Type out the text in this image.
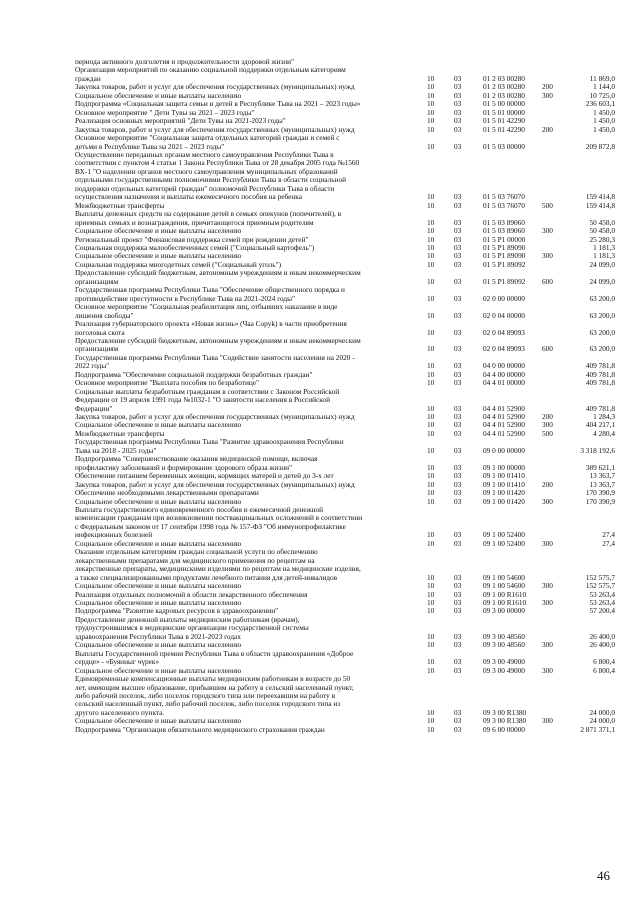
периода активного долголетия и продолжительности здоровой жизни"
Организация мероприятий по оказанию социальной поддержки отдельным категориям
граждан	10	03	01 2 03 00280	11 869,0
Закупка товаров, работ и услуг для обеспечения государственных (муниципальных) нужд	10	03	01 2 03 00280 200	1 144,0
Социальное обеспечение и иные выплаты населению	10	03	01 2 03 00280 300	10 725,0
Подпрограмма «Социальная защита семьи и детей в Республике Тыва на 2021 – 2023 годы»	10	03	01 5 00 00000	236 603,1
Основное мероприятие " Дети Тувы на 2021 – 2023 годы"	10	03	01 5 01 00000	1 450,0
Реализация основных мероприятий "Дети Тувы на 2021-2023 годы"	10	03	01 5 01 42290	1 450,0
Закупка товаров, работ и услуг для обеспечения государственных (муниципальных) нужд	10	03	01 5 01 42290 200	1 450,0
Основное мероприятие "Социальная защита отдельных категорий граждан и семей с
детьми в Республике Тыва на 2021 – 2023 годы"	10	03	01 5 03 00000	209 872,8
Осуществление переданных органам местного самоуправления Республики Тыва в
соответствии с пунктом 4 статьи 1 Закона Республики Тыва от 28 декабря 2005 года №1560
ВХ-1 "О наделении органов местного самоуправления муниципальных образований
отдельными государственными полномочиями Республики Тыва в области социальной
поддержки отдельных категорий граждан" полномочий Республики Тыва в области
осуществления назначения и выплаты ежемесячного пособия на ребенка	10	03	01 5 03 76070	159 414,8
Межбюджетные трансферты	10	03	01 5 03 76070 500	159 414,8
Выплаты денежных средств на содержание детей в семьях опекунов (попечителей), в
приемных семьях и вознаграждения, причитающегося приемным родителям	10	03	01 5 03 89060	50 458,0
Социальное обеспечение и иные выплаты населению	10	03	01 5 03 89060 300	50 458,0
Региональный проект "Финансовая поддержка семей при рождении детей"	10	03	01 5 P1 00000	25 280,3
Социальная поддержка малообеспеченных семей ("Социальный картофель")	10	03	01 5 P1 89090	1 181,3
Социальное обеспечение и иные выплаты населению	10	03	01 5 P1 89090 300	1 181,3
Социальная поддержка многодетных семей ("Социальный уголь")	10	03	01 5 P1 89092	24 099,0
Предоставление субсидий бюджетным, автономным учреждениям и иным некоммерческим
организациям	10	03	01 5 P1 89092 600	24 099,0
Государственная программа Республики Тыва "Обеспечение общественного порядка и
противодействие преступности в Республике Тыва на 2021-2024 годы"	10	03	02 0 00 00000	63 200,0
Основное мероприятие "Социальная реабилитация лиц, отбывших наказание в виде
лишения свободы"	10	03	02 0 04 00000	63 200,0
Реализация губернаторского проекта «Новая жизнь» (Чаа Соруk) в части приобретения
поголовья скота	10	03	02 0 04 89093	63 200,0
Предоставление субсидий бюджетным, автономным учреждениям и иным некоммерческим
организациям	10	03	02 0 04 89093 600	63 200,0
Государственная программа Республики Тыва "Содействие занятости населения на 2020 -
2022 годы"	10	03	04 0 00 00000	409 781,8
Подпрограмма "Обеспечение социальной поддержки безработных граждан"	10	03	04 4 00 00000	409 781,8
Основное мероприятие "Выплата пособия по безработице"	10	03	04 4 01 00000	409 781,8
Социальные выплаты безработным гражданам в соответствии с Законом Российской
Федерации от 19 апреля 1991 года №1032-1 "О занятости населения в Российской
Федерации"	10	03	04 4 01 52900	409 781,8
Закупка товаров, работ и услуг для обеспечения государственных (муниципальных) нужд	10	03	04 4 01 52900 200	1 284,3
Социальное обеспечение и иные выплаты населению	10	03	04 4 01 52900 300	404 217,1
Межбюджетные трансферты	10	03	04 4 01 52900 500	4 280,4
Государственная программа Республики Тыва "Развитие здравоохранения Республики
Тыва на 2018 - 2025 годы"	10	03	09 0 00 00000	3 318 192,6
Подпрограмма "Совершенствование оказания медицинской помощи, включая
профилактику заболеваний и формирование здорового образа жизни"	10	03	09 1 00 00000	389 621,1
Обеспечение питанием беременных женщин, кормящих матерей и детей до 3-х лет	10	03	09 1 00 01410	13 363,7
Закупка товаров, работ и услуг для обеспечения государственных (муниципальных) нужд	10	03	09 1 00 01410 200	13 363,7
Обеспечение необходимыми лекарственными препаратами	10	03	09 1 00 01420	170 390,9
Социальное обеспечение и иные выплаты населению	10	03	09 1 00 01420 300	170 390,9
Выплата государственного единовременного пособия и ежемесячной денежной
компенсации гражданам при возникновении поствакцинальных осложнений в соответствии
с Федеральным законом от 17 сентября 1998 года № 157-ФЗ "Об иммунопрофилактике
инфекционных болезней	10	03	09 1 00 52400	27,4
Социальное обеспечение и иные выплаты населению	10	03	09 1 00 52400 300	27,4
Оказание отдельным категориям граждан социальной услуги по обеспечению
лекарственными препаратами для медицинского применения по рецептам на
лекарственные препараты, медицинскими изделиями по рецептам на медицинские изделия,
а также специализированными продуктами лечебного питания для детей-инвалидов	10	03	09 1 00 54600	152 575,7
Социальное обеспечение и иные выплаты населению	10	03	09 1 00 54600 300	152 575,7
Реализация отдельных полномочий в области лекарственного обеспечения	10	03	09 1 00 R1610	53 263,4
Социальное обеспечение и иные выплаты населению	10	03	09 1 00 R1610 300	53 263,4
Подпрограмма "Развитие кадровых ресурсов в здравоохранении"	10	03	09 3 00 00000	57 200,4
Предоставление денежной выплаты медицинским работникам (врачам),
трудоустроившимся в медицинские организации государственной системы
здравоохранения Республики Тыва в 2021-2023 годах	10	03	09 3 00 48560	26 400,0
Социальное обеспечение и иные выплаты населению	10	03	09 3 00 48560 300	26 400,0
Выплаты Государственной премии Республики Тыва в области здравоохранения «Доброе
сердце» - «Буянныг чүрек»	10	03	09 3 00 49000	6 800,4
Социальное обеспечение и иные выплаты населению	10	03	09 3 00 49000 300	6 800,4
Единовременные компенсационные выплаты медицинским работникам в возрасте до 50
лет, имеющим высшее образование, прибывшим на работу в сельский населенный пункт,
либо рабочий поселок, либо поселок городского типа или переехавшим на работу в
сельский населенный пункт, либо рабочий поселок, либо поселок городского типа из
другого населенного пункта.	10	03	09 3 00 R1380	24 000,0
Социальное обеспечение и иные выплаты населению	10	03	09 3 00 R1380 300	24 000,0
Подпрограмма "Организация обязательного медицинского страхования граждан	10	03	09 6 00 00000	2 871 371,1
46
